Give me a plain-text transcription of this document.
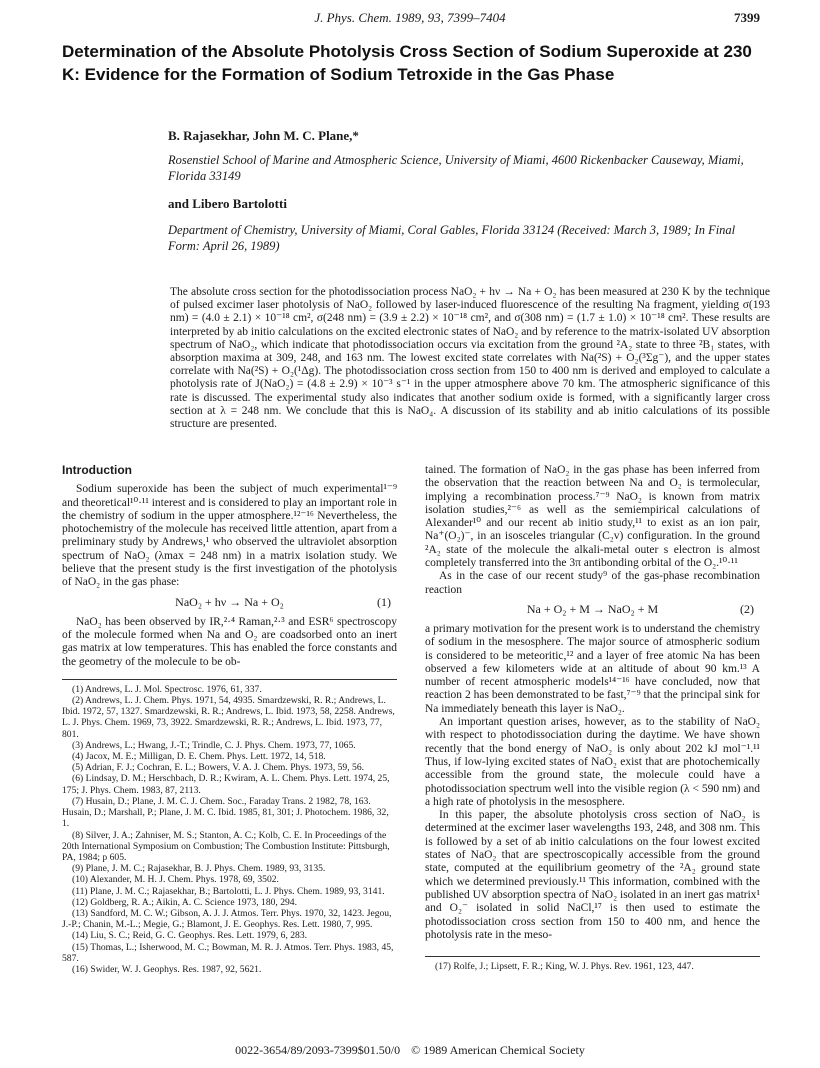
J. Phys. Chem. 1989, 93, 7399–7404	7399
Determination of the Absolute Photolysis Cross Section of Sodium Superoxide at 230 K: Evidence for the Formation of Sodium Tetroxide in the Gas Phase
B. Rajasekhar, John M. C. Plane,*
Rosenstiel School of Marine and Atmospheric Science, University of Miami, 4600 Rickenbacker Causeway, Miami, Florida 33149
and Libero Bartolotti
Department of Chemistry, University of Miami, Coral Gables, Florida 33124 (Received: March 3, 1989; In Final Form: April 26, 1989)

The absolute cross section for the photodissociation process NaO₂ + hν → Na + O₂ has been measured at 230 K by the technique of pulsed excimer laser photolysis of NaO₂ followed by laser-induced fluorescence of the resulting Na fragment, yielding σ(193 nm) = (4.0 ± 2.1) × 10⁻¹⁸ cm², σ(248 nm) = (3.9 ± 2.2) × 10⁻¹⁸ cm², and σ(308 nm) = (1.7 ± 1.0) × 10⁻¹⁸ cm². These results are interpreted by ab initio calculations on the excited electronic states of NaO₂ and by reference to the matrix-isolated UV absorption spectrum of NaO₂, which indicate that photodissociation occurs via excitation from the ground ²A₂ state to three ²B₁ states, with absorption maxima at 309, 248, and 163 nm. The lowest excited state correlates with Na(²S) + O₂(³Σg⁻), and the upper states correlate with Na(²S) + O₂(¹Δg). The photodissociation cross section from 150 to 400 nm is derived and employed to calculate a photolysis rate of J(NaO₂) = (4.8 ± 2.9) × 10⁻³ s⁻¹ in the upper atmosphere above 70 km. The atmospheric significance of this rate is discussed. The experimental study also indicates that another sodium oxide is formed, with a significantly larger cross section at λ = 248 nm. We conclude that this is NaO₄. A discussion of its stability and ab initio calculations of its possible structure are presented.

Introduction

Sodium superoxide has been the subject of much experimental¹⁻⁹ and theoretical¹⁰·¹¹ interest and is considered to play an important role in the chemistry of sodium in the upper atmosphere.¹²⁻¹⁶ Nevertheless, the photochemistry of the molecule has received little attention, apart from a preliminary study by Andrews,¹ who observed the ultraviolet absorption spectrum of NaO₂ (λmax = 248 nm) in a matrix isolation study. We believe that the present study is the first investigation of the photolysis of NaO₂ in the gas phase:

NaO₂ + hν → Na + O₂	(1)

NaO₂ has been observed by IR,²·⁴ Raman,²·³ and ESR⁶ spectroscopy of the molecule formed when Na and O₂ are coadsorbed onto an inert gas matrix at low temperatures. This has enabled the force constants and the geometry of the molecule to be ob-

(1) Andrews, L. J. Mol. Spectrosc. 1976, 61, 337.
(2) Andrews, L. J. Chem. Phys. 1971, 54, 4935. Smardzewski, R. R.; Andrews, L. Ibid. 1972, 57, 1327. Smardzewski, R. R.; Andrews, L. Ibid. 1973, 58, 2258. Andrews, L. J. Phys. Chem. 1969, 73, 3922. Smardzewski, R. R.; Andrews, L. Ibid. 1973, 77, 801.
(3) Andrews, L.; Hwang, J.-T.; Trindle, C. J. Phys. Chem. 1973, 77, 1065.
(4) Jacox, M. E.; Milligan, D. E. Chem. Phys. Lett. 1972, 14, 518.
(5) Adrian, F. J.; Cochran, E. L.; Bowers, V. A. J. Chem. Phys. 1973, 59, 56.
(6) Lindsay, D. M.; Herschbach, D. R.; Kwiram, A. L. Chem. Phys. Lett. 1974, 25, 175; J. Phys. Chem. 1983, 87, 2113.
(7) Husain, D.; Plane, J. M. C. J. Chem. Soc., Faraday Trans. 2 1982, 78, 163. Husain, D.; Marshall, P.; Plane, J. M. C. Ibid. 1985, 81, 301; J. Photochem. 1986, 32, 1.
(8) Silver, J. A.; Zahniser, M. S.; Stanton, A. C.; Kolb, C. E. In Proceedings of the 20th International Symposium on Combustion; The Combustion Institute: Pittsburgh, PA, 1984; p 605.
(9) Plane, J. M. C.; Rajasekhar, B. J. Phys. Chem. 1989, 93, 3135.
(10) Alexander, M. H. J. Chem. Phys. 1978, 69, 3502.
(11) Plane, J. M. C.; Rajasekhar, B.; Bartolotti, L. J. Phys. Chem. 1989, 93, 3141.
(12) Goldberg, R. A.; Aikin, A. C. Science 1973, 180, 294.
(13) Sandford, M. C. W.; Gibson, A. J. J. Atmos. Terr. Phys. 1970, 32, 1423. Jegou, J.-P.; Chanin, M.-L.; Megie, G.; Blamont, J. E. Geophys. Res. Lett. 1980, 7, 995.
(14) Liu, S. C.; Reid, G. C. Geophys. Res. Lett. 1979, 6, 283.
(15) Thomas, L.; Isherwood, M. C.; Bowman, M. R. J. Atmos. Terr. Phys. 1983, 45, 587.
(16) Swider, W. J. Geophys. Res. 1987, 92, 5621.

tained. The formation of NaO₂ in the gas phase has been inferred from the observation that the reaction between Na and O₂ is termolecular, implying a recombination process.⁷⁻⁹ NaO₂ is known from matrix isolation studies,²⁻⁶ as well as the semiempirical calculations of Alexander¹⁰ and our recent ab initio study,¹¹ to exist as an ion pair, Na⁺(O₂)⁻, in an isosceles triangular (C₂v) configuration. In the ground ²A₂ state of the molecule the alkali-metal outer s electron is almost completely transferred into the 3π antibonding orbital of the O₂.¹⁰·¹¹

As in the case of our recent study⁹ of the gas-phase recombination reaction

Na + O₂ + M → NaO₂ + M	(2)

a primary motivation for the present work is to understand the chemistry of sodium in the mesosphere. The major source of atmospheric sodium is considered to be meteoritic,¹² and a layer of free atomic Na has been observed a few kilometers wide at an altitude of about 90 km.¹³ A number of recent atmospheric models¹⁴⁻¹⁶ have concluded, now that reaction 2 has been demonstrated to be fast,⁷⁻⁹ that the principal sink for Na immediately beneath this layer is NaO₂.

An important question arises, however, as to the stability of NaO₂ with respect to photodissociation during the daytime. We have shown recently that the bond energy of NaO₂ is only about 202 kJ mol⁻¹.¹¹ Thus, if low-lying excited states of NaO₂ exist that are photochemically accessible from the ground state, the molecule could have a photodissociation spectrum well into the visible region (λ < 590 nm) and a high rate of photolysis in the mesosphere.

In this paper, the absolute photolysis cross section of NaO₂ is determined at the excimer laser wavelengths 193, 248, and 308 nm. This is followed by a set of ab initio calculations on the four lowest excited states of NaO₂ that are spectroscopically accessible from the ground state, computed at the equilibrium geometry of the ²A₂ ground state which we determined previously.¹¹ This information, combined with the published UV absorption spectra of NaO₂ isolated in an inert gas matrix¹ and O₂⁻ isolated in solid NaCl,¹⁷ is then used to estimate the photodissociation cross section from 150 to 400 nm, and hence the photolysis rate in the meso-

(17) Rolfe, J.; Lipsett, F. R.; King, W. J. Phys. Rev. 1961, 123, 447.
0022-3654/89/2093-7399$01.50/0 © 1989 American Chemical Society
